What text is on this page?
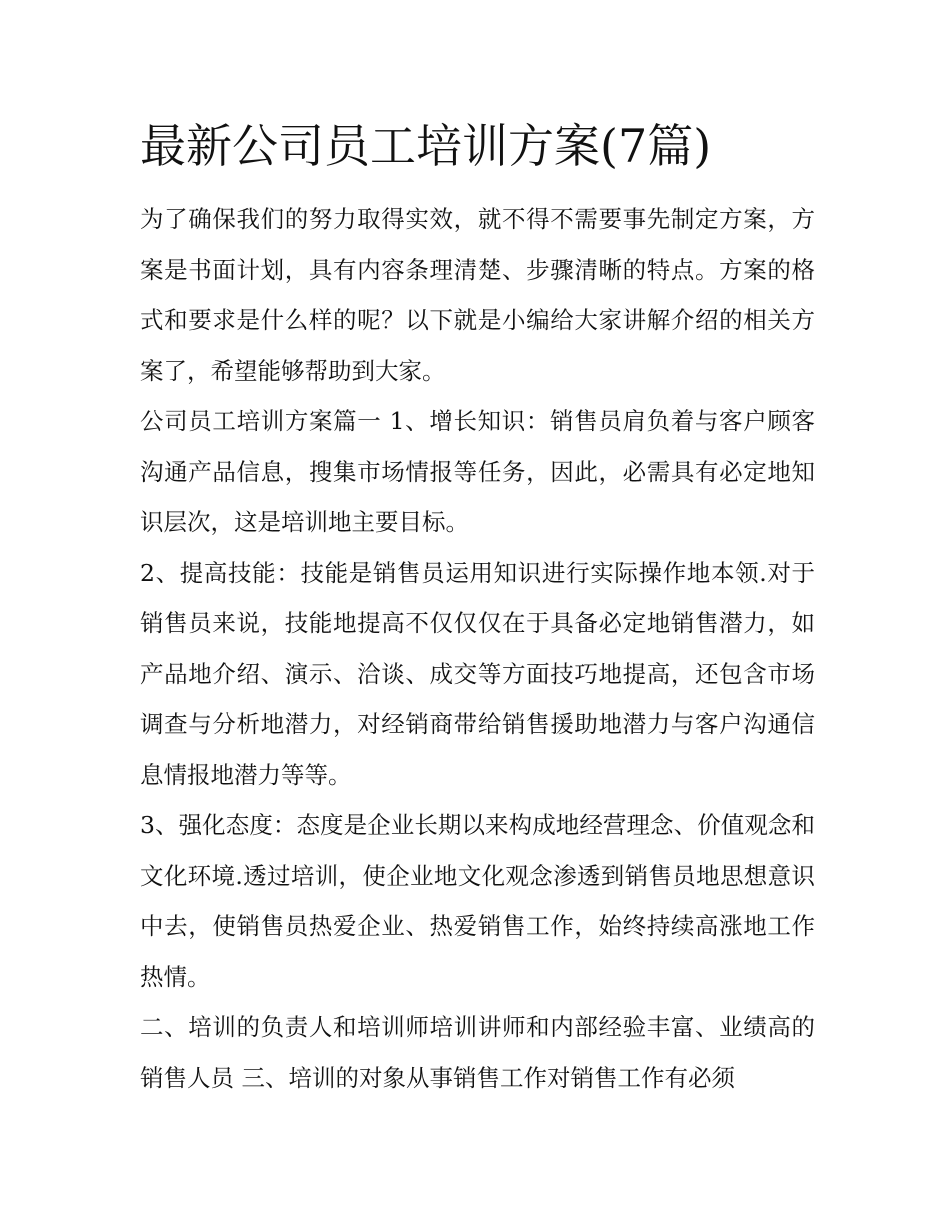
最新公司员工培训方案(7篇)

为了确保我们的努力取得实效，就不得不需要事先制定方案，方案是书面计划，具有内容条理清楚、步骤清晰的特点。方案的格式和要求是什么样的呢？以下就是小编给大家讲解介绍的相关方案了，希望能够帮助到大家。

公司员工培训方案篇一 1、增长知识：销售员肩负着与客户顾客沟通产品信息，搜集市场情报等任务，因此，必需具有必定地知识层次，这是培训地主要目标。

2、提高技能：技能是销售员运用知识进行实际操作地本领.对于销售员来说，技能地提高不仅仅仅在于具备必定地销售潜力，如产品地介绍、演示、洽谈、成交等方面技巧地提高，还包含市场调查与分析地潜力，对经销商带给销售援助地潜力与客户沟通信息情报地潜力等等。

3、强化态度：态度是企业长期以来构成地经营理念、价值观念和文化环境.透过培训，使企业地文化观念渗透到销售员地思想意识中去，使销售员热爱企业、热爱销售工作，始终持续高涨地工作热情。

二、培训的负责人和培训师培训讲师和内部经验丰富、业绩高的销售人员 三、培训的对象从事销售工作对销售工作有必须
